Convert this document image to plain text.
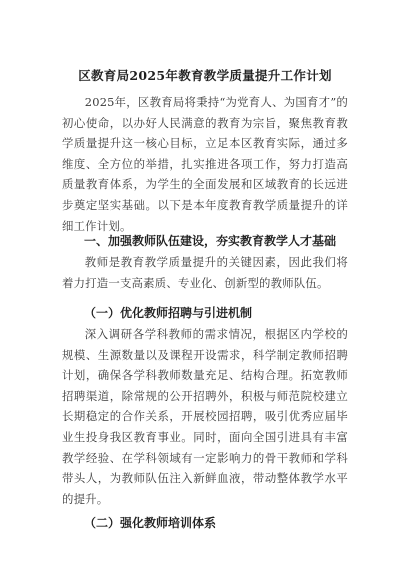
区教育局2025年教育教学质量提升工作计划
2025年，区教育局将秉持“为党育人、为国育才”的初心使命，以办好人民满意的教育为宗旨，聚焦教育教学质量提升这一核心目标，立足本区教育实际，通过多维度、全方位的举措，扎实推进各项工作，努力打造高质量教育体系，为学生的全面发展和区域教育的长远进步奠定坚实基础。以下是本年度教育教学质量提升的详细工作计划。
一、加强教师队伍建设，夯实教育教学人才基础
教师是教育教学质量提升的关键因素，因此我们将着力打造一支高素质、专业化、创新型的教师队伍。
（一）优化教师招聘与引进机制
深入调研各学科教师的需求情况，根据区内学校的规模、生源数量以及课程开设需求，科学制定教师招聘计划，确保各学科教师数量充足、结构合理。拓宽教师招聘渠道，除常规的公开招聘外，积极与师范院校建立长期稳定的合作关系，开展校园招聘，吸引优秀应届毕业生投身我区教育事业。同时，面向全国引进具有丰富教学经验、在学科领域有一定影响力的骨干教师和学科带头人，为教师队伍注入新鲜血液，带动整体教学水平的提升。
（二）强化教师培训体系
